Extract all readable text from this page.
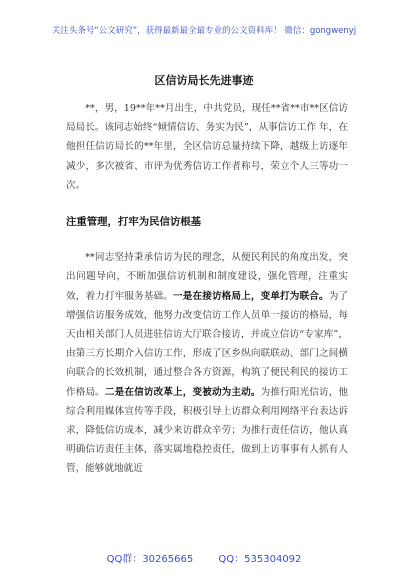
关注头条号“公文研究”，获得最新最全最专业的公文资料库！ 微信：gongwenyj
区信访局长先进事迹

**，男，19**年**月出生，中共党员，现任**省**市**区信访局局长。该同志始终“倾情信访、务实为民”，从事信访工作 年，在他担任信访局长的**年里，全区信访总量持续下降，越级上访逐年减少，多次被省、市评为优秀信访工作者称号，荣立个人三等功一次。

注重管理，打牢为民信访根基

**同志坚持秉承信访为民的理念，从便民利民的角度出发，突出问题导向，不断加强信访机制和制度建设，强化管理，注重实效，着力打牢服务基础。一是在接访格局上，变单打为联合。为了增强信访服务成效，他努力改变信访工作人员单一接访的格局，每天由相关部门人员进驻信访大厅联合接访，并成立信访“专家库”，由第三方长期介入信访工作，形成了区乡纵向联联动、部门之间横向联合的长效机制，通过整合各方资源，构筑了便民利民的接访工作格局。二是在信访改革上，变被动为主动。为推行阳光信访，他综合利用媒体宣传等手段，积极引导上访群众利用网络平台表达诉求，降低信访成本，减少来访群众辛劳；为推行责任信访，他认真明确信访责任主体，落实属地稳控责任，做到上访事事有人抓有人管，能够就地就近

QQ群：30265665	QQ：535304092
